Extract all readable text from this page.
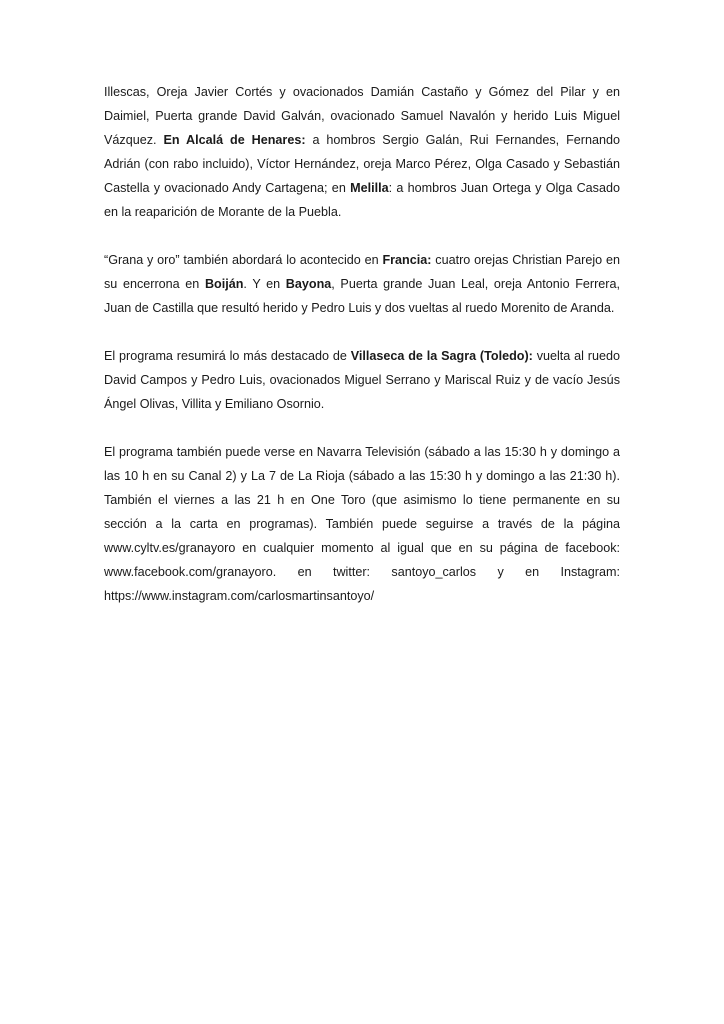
Illescas, Oreja Javier Cortés y ovacionados Damián Castaño y Gómez del Pilar y en Daimiel, Puerta grande David Galván, ovacionado Samuel Navalón y herido Luis Miguel Vázquez. En Alcalá de Henares: a hombros Sergio Galán, Rui Fernandes, Fernando Adrián (con rabo incluido), Víctor Hernández, oreja Marco Pérez, Olga Casado y Sebastián Castella y ovacionado Andy Cartagena; en Melilla: a hombros Juan Ortega y Olga Casado en la reaparición de Morante de la Puebla.

“Grana y oro” también abordará lo acontecido en Francia: cuatro orejas Christian Parejo en su encerrona en Boiján. Y en Bayona, Puerta grande Juan Leal, oreja Antonio Ferrera, Juan de Castilla que resultó herido y Pedro Luis y dos vueltas al ruedo Morenito de Aranda.

El programa resumirá lo más destacado de Villaseca de la Sagra (Toledo): vuelta al ruedo David Campos y Pedro Luis, ovacionados Miguel Serrano y Mariscal Ruiz y de vacío Jesús Ángel Olivas, Villita y Emiliano Osornio.

El programa también puede verse en Navarra Televisión (sábado a las 15:30 h y domingo a las 10 h en su Canal 2) y La 7 de La Rioja (sábado a las 15:30 h y domingo a las 21:30 h). También el viernes a las 21 h en One Toro (que asimismo lo tiene permanente en su sección a la carta en programas). También puede seguirse a través de la página www.cyltv.es/granayoro en cualquier momento al igual que en su página de facebook: www.facebook.com/granayoro. en twitter: santoyo_carlos y en Instagram: https://www.instagram.com/carlosmartinsantoyo/
